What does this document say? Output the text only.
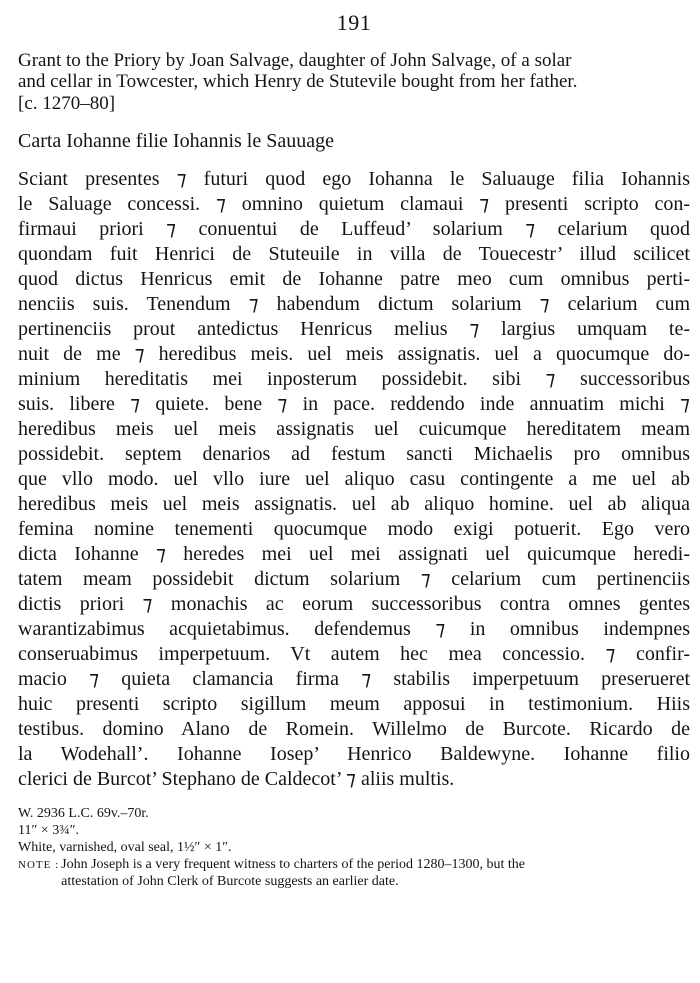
191
Grant to the Priory by Joan Salvage, daughter of John Salvage, of a solar
and cellar in Towcester, which Henry de Stutevile bought from her father.
[c. 1270–80]
Carta Iohanne filie Iohannis le Sauuage
Sciant presentes ⁊ futuri quod ego Iohanna le Saluauge filia Iohannis
le Saluage concessi. ⁊ omnino quietum clamaui ⁊ presenti scripto con-
firmaui priori ⁊ conuentui de Luffeud’ solarium ⁊ celarium quod
quondam fuit Henrici de Stuteuile in villa de Touecestr’ illud scilicet
quod dictus Henricus emit de Iohanne patre meo cum omnibus perti-
nenciis suis. Tenendum ⁊ habendum dictum solarium ⁊ celarium cum
pertinenciis prout antedictus Henricus melius ⁊ largius umquam te-
nuit de me ⁊ heredibus meis. uel meis assignatis. uel a quocumque do-
minium hereditatis mei inposterum possidebit. sibi ⁊ successoribus
suis. libere ⁊ quiete. bene ⁊ in pace. reddendo inde annuatim michi ⁊
heredibus meis uel meis assignatis uel cuicumque hereditatem meam
possidebit. septem denarios ad festum sancti Michaelis pro omnibus
que vllo modo. uel vllo iure uel aliquo casu contingente a me uel ab
heredibus meis uel meis assignatis. uel ab aliquo homine. uel ab aliqua
femina nomine tenementi quocumque modo exigi potuerit. Ego vero
dicta Iohanne ⁊ heredes mei uel mei assignati uel quicumque heredi-
tatem meam possidebit dictum solarium ⁊ celarium cum pertinenciis
dictis priori ⁊ monachis ac eorum successoribus contra omnes gentes
warantizabimus acquietabimus. defendemus ⁊ in omnibus indempnes
conseruabimus imperpetuum. Vt autem hec mea concessio. ⁊ confir-
macio ⁊ quieta clamancia firma ⁊ stabilis imperpetuum preserueret
huic presenti scripto sigillum meum apposui in testimonium. Hiis
testibus. domino Alano de Romein. Willelmo de Burcote. Ricardo de
la Wodehall’. Iohanne Iosep’ Henrico Baldewyne. Iohanne filio
clerici de Burcot’ Stephano de Caldecot’ ⁊ aliis multis.
W. 2936 L.C. 69v.–70r.
11″ × 3¾″.
White, varnished, oval seal, 1½″ × 1″.
NOTE : John Joseph is a very frequent witness to charters of the period 1280–1300, but the
attestation of John Clerk of Burcote suggests an earlier date.
